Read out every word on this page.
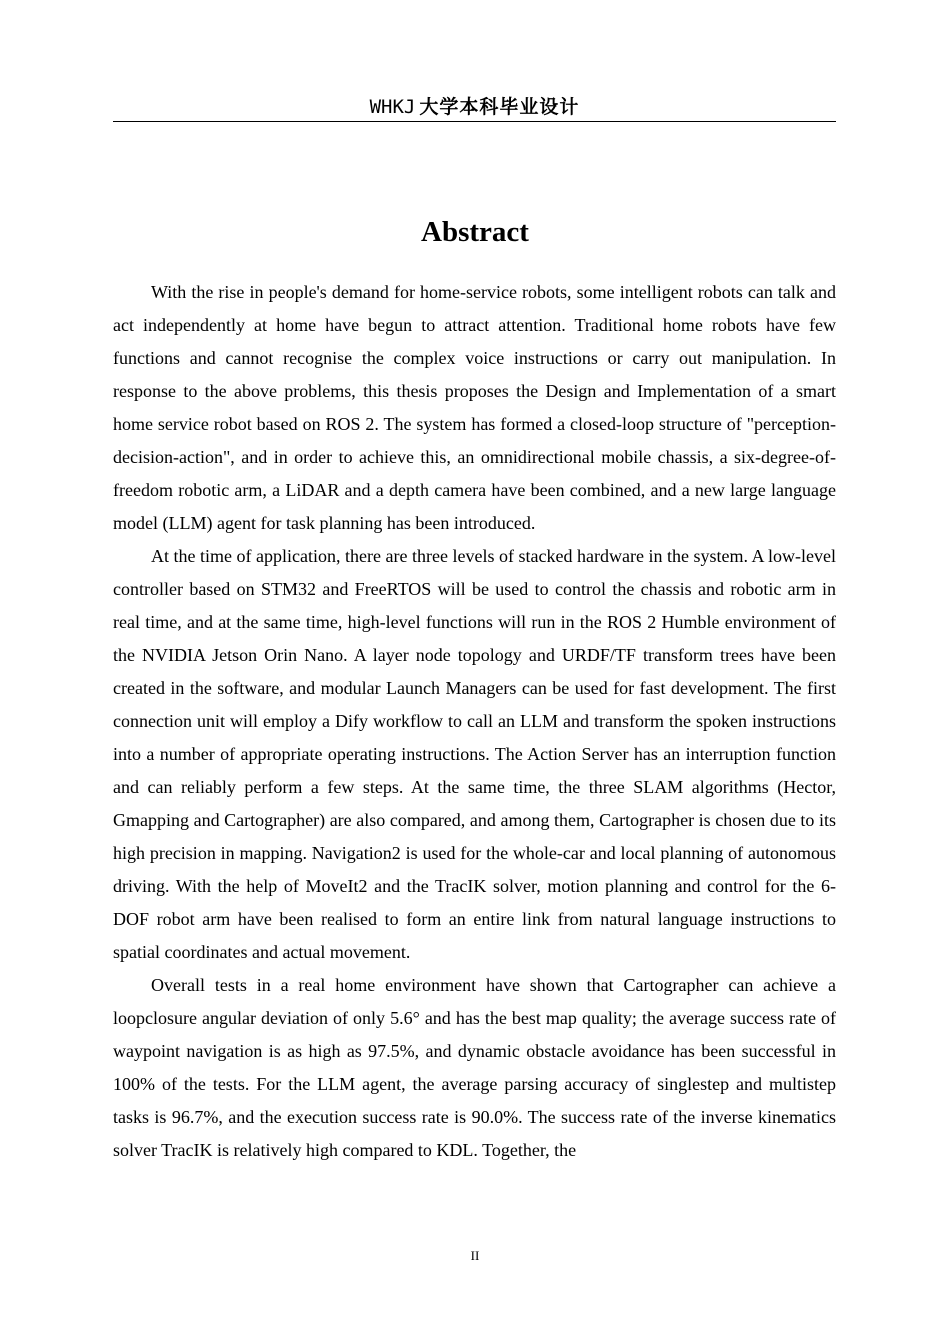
WHKJ 大学本科毕业设计
Abstract

With the rise in people's demand for home-service robots, some intelligent robots can talk and act independently at home have begun to attract attention. Traditional home robots have few functions and cannot recognise the complex voice instructions or carry out manipulation. In response to the above problems, this thesis proposes the Design and Implementation of a smart home service robot based on ROS 2. The system has formed a closed-loop structure of "perception-decision-action", and in order to achieve this, an omnidirectional mobile chassis, a six-degree-of-freedom robotic arm, a LiDAR and a depth camera have been combined, and a new large language model (LLM) agent for task planning has been introduced.

At the time of application, there are three levels of stacked hardware in the system. A low-level controller based on STM32 and FreeRTOS will be used to control the chassis and robotic arm in real time, and at the same time, high-level functions will run in the ROS 2 Humble environment of the NVIDIA Jetson Orin Nano. A layer node topology and URDF/TF transform trees have been created in the software, and modular Launch Managers can be used for fast development. The first connection unit will employ a Dify workflow to call an LLM and transform the spoken instructions into a number of appropriate operating instructions. The Action Server has an interruption function and can reliably perform a few steps. At the same time, the three SLAM algorithms (Hector, Gmapping and Cartographer) are also compared, and among them, Cartographer is chosen due to its high precision in mapping. Navigation2 is used for the whole-car and local planning of autonomous driving. With the help of MoveIt2 and the TracIK solver, motion planning and control for the 6-DOF robot arm have been realised to form an entire link from natural language instructions to spatial coordinates and actual movement.

Overall tests in a real home environment have shown that Cartographer can achieve a loopclosure angular deviation of only 5.6° and has the best map quality; the average success rate of waypoint navigation is as high as 97.5%, and dynamic obstacle avoidance has been successful in 100% of the tests. For the LLM agent, the average parsing accuracy of singlestep and multistep tasks is 96.7%, and the execution success rate is 90.0%. The success rate of the inverse kinematics solver TracIK is relatively high compared to KDL. Together, the

II
